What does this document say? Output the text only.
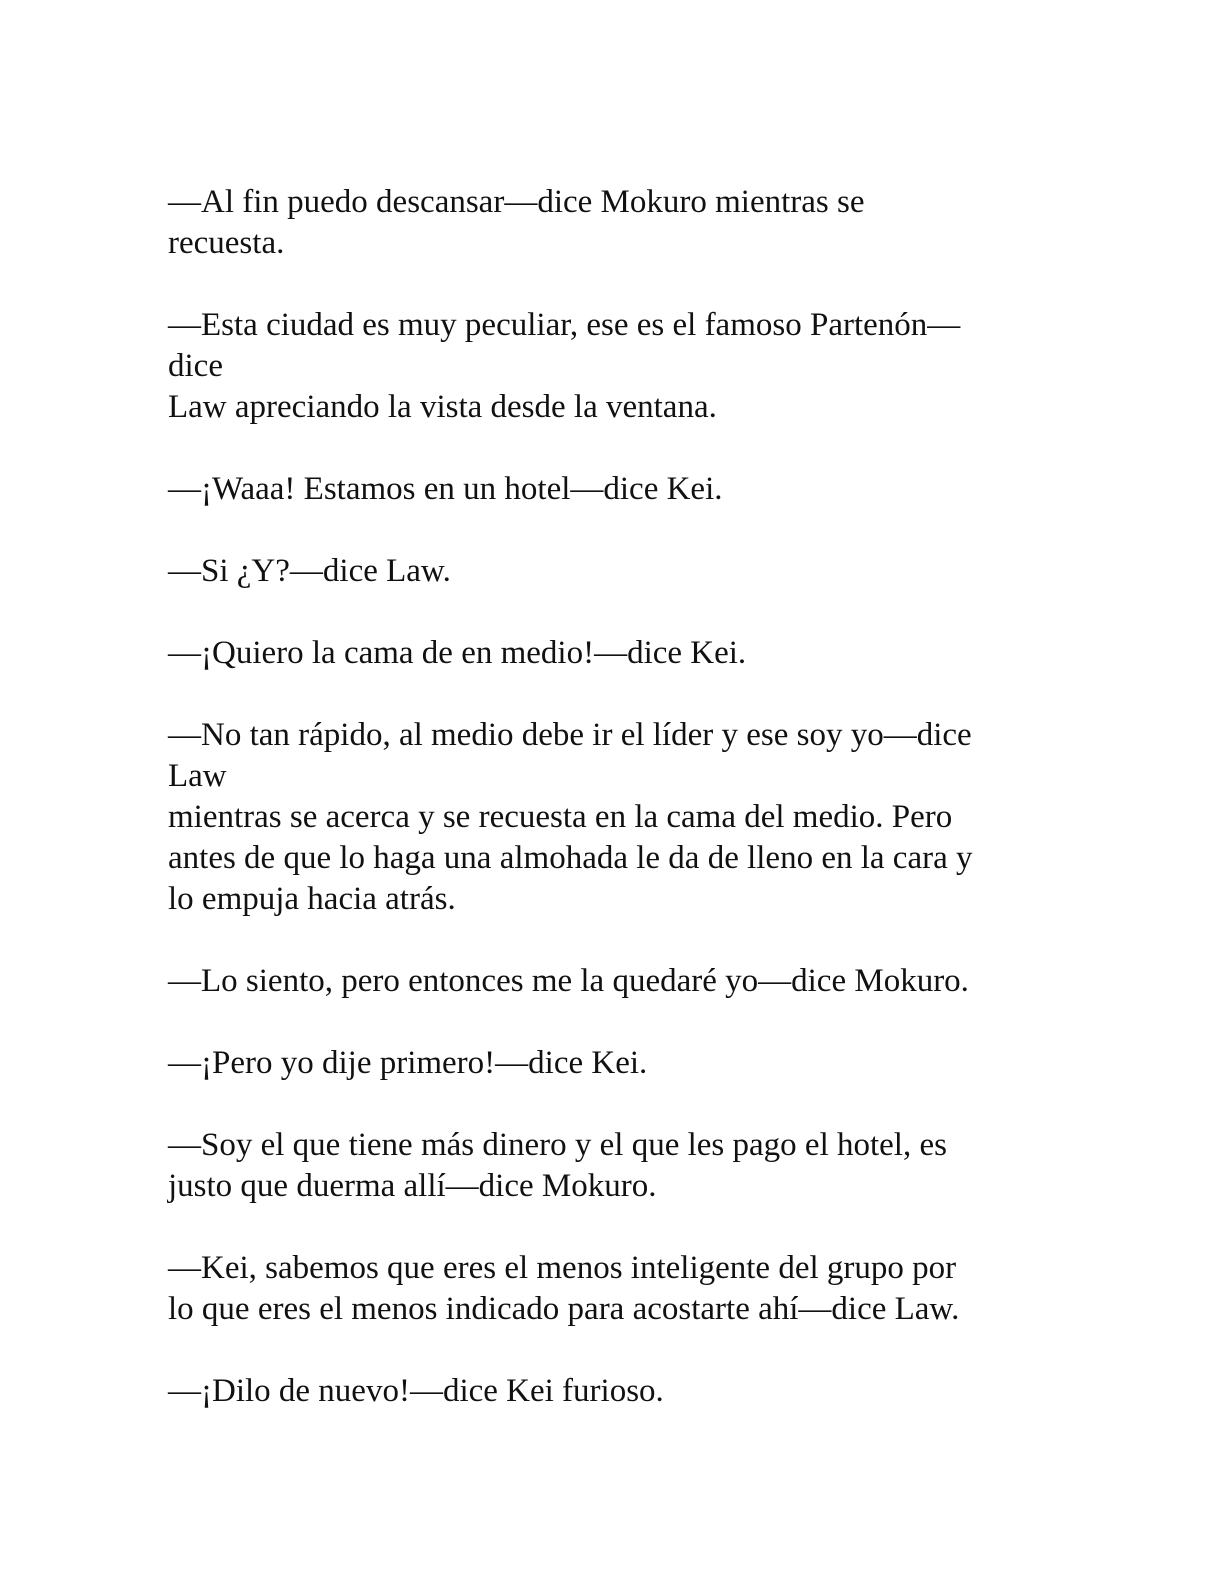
—Al fin puedo descansar—dice Mokuro mientras se
recuesta.

—Esta ciudad es muy peculiar, ese es el famoso Partenón—
dice
Law apreciando la vista desde la ventana.

—¡Waaa! Estamos en un hotel—dice Kei.

—Si ¿Y?—dice Law.

—¡Quiero la cama de en medio!—dice Kei.

—No tan rápido, al medio debe ir el líder y ese soy yo—dice
Law
mientras se acerca y se recuesta en la cama del medio. Pero
antes de que lo haga una almohada le da de lleno en la cara y
lo empuja hacia atrás.

—Lo siento, pero entonces me la quedaré yo—dice Mokuro.

—¡Pero yo dije primero!—dice Kei.

—Soy el que tiene más dinero y el que les pago el hotel, es
justo que duerma allí—dice Mokuro.

—Kei, sabemos que eres el menos inteligente del grupo por
lo que eres el menos indicado para acostarte ahí—dice Law.

—¡Dilo de nuevo!—dice Kei furioso.
